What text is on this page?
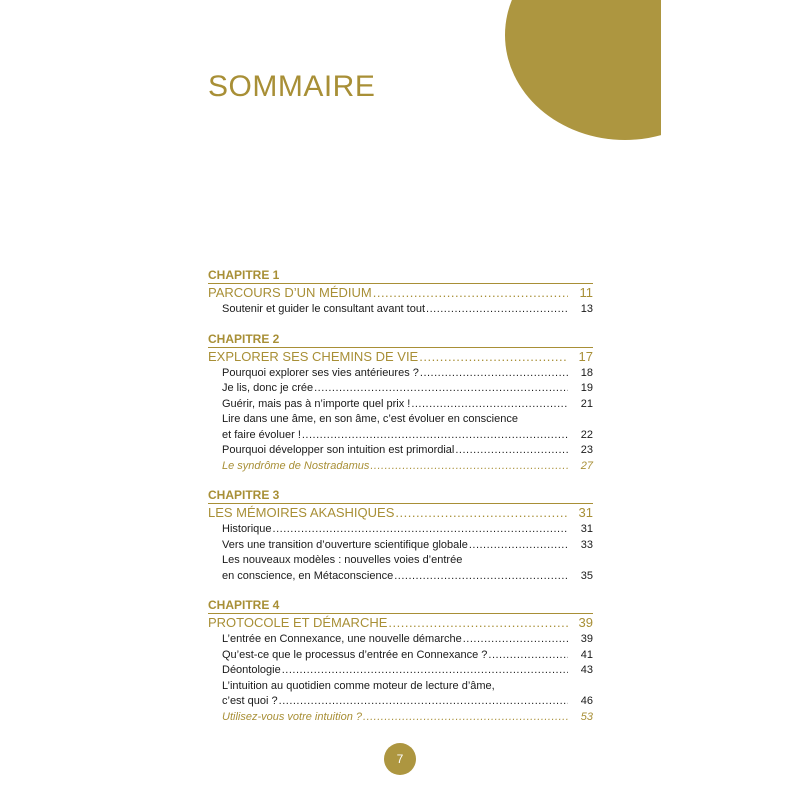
SOMMAIRE
CHAPITRE 1
PARCOURS D’UN MÉDIUM .....	11
Soutenir et guider le consultant avant tout .....	13
CHAPITRE 2
EXPLORER SES CHEMINS DE VIE .....	17
Pourquoi explorer ses vies antérieures ? .....	18
Je lis, donc je crée .....	19
Guérir, mais pas à n’importe quel prix ! .....	21
Lire dans une âme, en son âme, c’est évoluer en conscience
et faire évoluer ! .....	22
Pourquoi développer son intuition est primordial .....	23
Le syndrôme de Nostradamus .....	27
CHAPITRE 3
LES MÉMOIRES AKASHIQUES .....	31
Historique .....	31
Vers une transition d’ouverture scientifique globale .....	33
Les nouveaux modèles : nouvelles voies d’entrée
en conscience, en Métaconscience .....	35
CHAPITRE 4
PROTOCOLE ET DÉMARCHE .....	39
L’entrée en Connexance, une nouvelle démarche .....	39
Qu’est-ce que le processus d’entrée en Connexance ? .....	41
Déontologie .....	43
L’intuition au quotidien comme moteur de lecture d’âme,
c’est quoi ? .....	46
Utilisez-vous votre intuition ? .....	53
7
